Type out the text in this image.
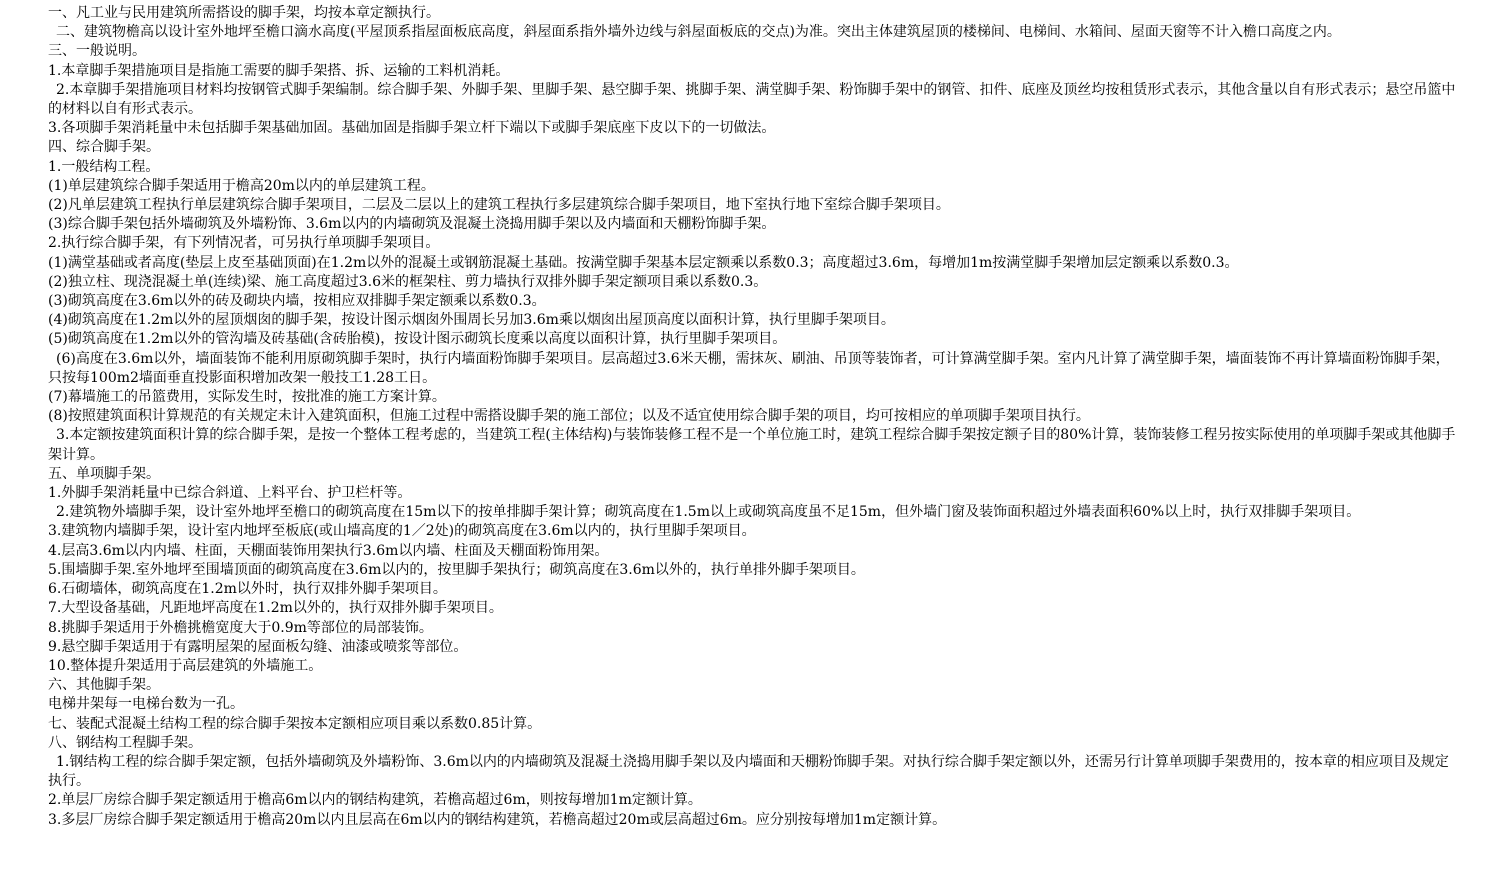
一、凡工业与民用建筑所需搭设的脚手架，均按本章定额执行。
二、建筑物檐高以设计室外地坪至檐口滴水高度(平屋顶系指屋面板底高度，斜屋面系指外墙外边线与斜屋面板底的交点)为准。突出主体建筑屋顶的楼梯间、电梯间、水箱间、屋面天窗等不计入檐口高度之内。
三、一般说明。
1.本章脚手架措施项目是指施工需要的脚手架搭、拆、运输的工料机消耗。
2.本章脚手架措施项目材料均按钢管式脚手架编制。综合脚手架、外脚手架、里脚手架、悬空脚手架、挑脚手架、满堂脚手架、粉饰脚手架中的钢管、扣件、底座及顶丝均按租赁形式表示，其他含量以自有形式表示；悬空吊篮中的材料以自有形式表示。
3.各项脚手架消耗量中未包括脚手架基础加固。基础加固是指脚手架立杆下端以下或脚手架底座下皮以下的一切做法。
四、综合脚手架。
1.一般结构工程。
(1)单层建筑综合脚手架适用于檐高20m以内的单层建筑工程。
(2)凡单层建筑工程执行单层建筑综合脚手架项目，二层及二层以上的建筑工程执行多层建筑综合脚手架项目，地下室执行地下室综合脚手架项目。
(3)综合脚手架包括外墙砌筑及外墙粉饰、3.6m以内的内墙砌筑及混凝土浇捣用脚手架以及内墙面和天棚粉饰脚手架。
2.执行综合脚手架，有下列情况者，可另执行单项脚手架项目。
(1)满堂基础或者高度(垫层上皮至基础顶面)在1.2m以外的混凝土或钢筋混凝土基础。按满堂脚手架基本层定额乘以系数0.3；高度超过3.6m，每增加1m按满堂脚手架增加层定额乘以系数0.3。
(2)独立柱、现浇混凝土单(连续)梁、施工高度超过3.6米的框架柱、剪力墙执行双排外脚手架定额项目乘以系数0.3。
(3)砌筑高度在3.6m以外的砖及砌块内墙，按相应双排脚手架定额乘以系数0.3。
(4)砌筑高度在1.2m以外的屋顶烟囱的脚手架，按设计图示烟囱外围周长另加3.6m乘以烟囱出屋顶高度以面积计算，执行里脚手架项目。
(5)砌筑高度在1.2m以外的管沟墙及砖基础(含砖胎模)，按设计图示砌筑长度乘以高度以面积计算，执行里脚手架项目。
(6)高度在3.6m以外，墙面装饰不能利用原砌筑脚手架时，执行内墙面粉饰脚手架项目。层高超过3.6米天棚，需抹灰、刷油、吊顶等装饰者，可计算满堂脚手架。室内凡计算了满堂脚手架，墙面装饰不再计算墙面粉饰脚手架，只按每100m2墙面垂直投影面积增加改架一般技工1.28工日。
(7)幕墙施工的吊篮费用，实际发生时，按批准的施工方案计算。
(8)按照建筑面积计算规范的有关规定未计入建筑面积，但施工过程中需搭设脚手架的施工部位；以及不适宜使用综合脚手架的项目，均可按相应的单项脚手架项目执行。
3.本定额按建筑面积计算的综合脚手架，是按一个整体工程考虑的，当建筑工程(主体结构)与装饰装修工程不是一个单位施工时，建筑工程综合脚手架按定额子目的80%计算，装饰装修工程另按实际使用的单项脚手架或其他脚手架计算。
五、单项脚手架。
1.外脚手架消耗量中已综合斜道、上料平台、护卫栏杆等。
2.建筑物外墙脚手架，设计室外地坪至檐口的砌筑高度在15m以下的按单排脚手架计算；砌筑高度在1.5m以上或砌筑高度虽不足15m，但外墙门窗及装饰面积超过外墙表面积60%以上时，执行双排脚手架项目。
3.建筑物内墙脚手架，设计室内地坪至板底(或山墙高度的1／2处)的砌筑高度在3.6m以内的，执行里脚手架项目。
4.层高3.6m以内内墙、柱面，天棚面装饰用架执行3.6m以内墙、柱面及天棚面粉饰用架。
5.围墙脚手架.室外地坪至围墙顶面的砌筑高度在3.6m以内的，按里脚手架执行；砌筑高度在3.6m以外的，执行单排外脚手架项目。
6.石砌墙体，砌筑高度在1.2m以外时，执行双排外脚手架项目。
7.大型设备基础，凡距地坪高度在1.2m以外的，执行双排外脚手架项目。
8.挑脚手架适用于外檐挑檐宽度大于0.9m等部位的局部装饰。
9.悬空脚手架适用于有露明屋架的屋面板勾缝、油漆或喷浆等部位。
10.整体提升架适用于高层建筑的外墙施工。
六、其他脚手架。
电梯井架每一电梯台数为一孔。
七、装配式混凝土结构工程的综合脚手架按本定额相应项目乘以系数0.85计算。
八、钢结构工程脚手架。
1.钢结构工程的综合脚手架定额，包括外墙砌筑及外墙粉饰、3.6m以内的内墙砌筑及混凝土浇捣用脚手架以及内墙面和天棚粉饰脚手架。对执行综合脚手架定额以外，还需另行计算单项脚手架费用的，按本章的相应项目及规定执行。
2.单层厂房综合脚手架定额适用于檐高6m以内的钢结构建筑，若檐高超过6m，则按每增加1m定额计算。
3.多层厂房综合脚手架定额适用于檐高20m以内且层高在6m以内的钢结构建筑，若檐高超过20m或层高超过6m。应分别按每增加1m定额计算。
